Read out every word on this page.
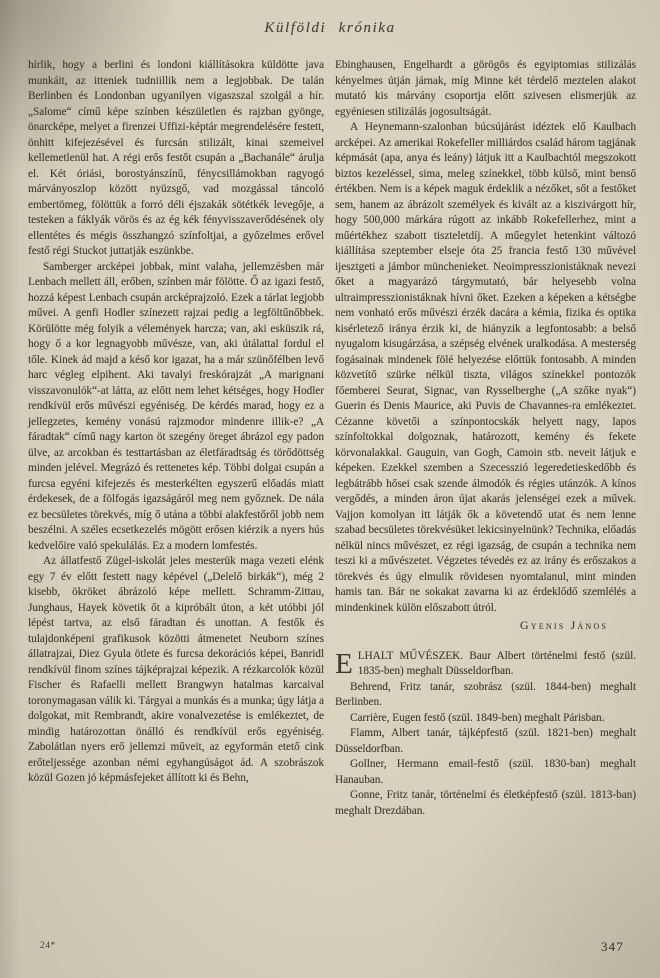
Külföldi krónika

hírlik, hogy a berlini és londoni kiállításokra küldötte java munkáit, az itteniek tudniillik nem a legjobbak. De talán Berlinben és Londonban ugyanilyen vigaszszal szolgál a hír. „Salome“ című képe színben készületlen és rajzban gyönge, önarcképe, melyet a firenzei Uffizi-képtár megrendelésére festett, önhitt kifejezésével és furcsán stilizált, kinai szemeivel kellemetlenül hat. A régi erős festőt csupán a „Bachanále“ árulja el. Két óriási, borostyánszínű, fénycsillámokban ragyogó márványoszlop között nyüzsgő, vad mozgással táncoló embertömeg, fölöttük a forró déli éjszakák sötétkék levegője, a testeken a fáklyák vörös és az ég kék fényvisszaverődésének oly ellentétes és mégis összhangzó színfoltjai, a győzelmes erővel festő régi Stuckot juttatják eszünkbe.

Samberger arcképei jobbak, mint valaha, jellemzésben már Lenbach mellett áll, erőben, színben már fölötte. Ő az igazi festő, hozzá képest Lenbach csupán arcképrajzoló. Ezek a tárlat legjobb művei. A genfi Hodler színezett rajzai pedig a legföltűnőbbek. Körülötte még folyik a vélemények harcza; van, aki esküszik rá, hogy ő a kor legnagyobb művésze, van, aki útálattal fordul el tőle. Kinek ád majd a késő kor igazat, ha a már szünőfélben levő harc végleg elpihent. Aki tavalyi freskórajzát „A marignani visszavonulók“-at látta, az előtt nem lehet kétséges, hogy Hodler rendkívül erős művészi egyéniség. De kérdés marad, hogy ez a jellegzetes, kemény vonású rajzmodor mindenre illik-e? „A fáradtak“ című nagy karton öt szegény öreget ábrázol egy padon ülve, az arcokban és testtartásban az életfáradtság és törődöttség minden jelével. Megrázó és rettenetes kép. Többi dolgai csupán a furcsa egyéni kifejezés és mesterkélten egyszerű előadás miatt érdekesek, de a fölfogás igazságáról meg nem győznek. De nála ez becsületes törekvés, míg ő utána a többi alakfestőről jobb nem beszélni. A széles ecsetkezelés mögött erősen kiérzik a nyers hús kedvelőire való spekulálás. Ez a modern lomfestés.

Az állatfestő Zügel-iskolát jeles mesterük maga vezeti elénk egy 7 év előtt festett nagy képével („Delelő birkák“), még 2 kisebb, ökröket ábrázoló képe mellett. Schramm-Zittau, Junghaus, Hayek követik őt a kipróbált úton, a két utóbbi jól lépést tartva, az első fáradtan és unottan. A festők és tulajdonképeni grafikusok közötti átmenetet Neuborn színes állatrajzai, Diez Gyula ötlete és furcsa dekorációs képei, Banridl rendkívül finom színes tájképrajzai képezik. A rézkarcolók közül Fischer és Rafaelli mellett Brangwyn hatalmas karcaival toronymagasan válik ki. Tárgyai a munkás és a munka; úgy látja a dolgokat, mit Rembrandt, akire vonalvezetése is emlékeztet, de mindig határozottan önálló és rendkívül erős egyéniség. Zabolátlan nyers erő jellemzi műveit, az egyformán etető cink erőteljessége azonban némi egyhangúságot ád. A szobrászok közül Gozen jó képmásfejeket állított ki és Behn,

Ebinghausen, Engelhardt a görögös és egyiptomias stilizálás kényelmes útján járnak, míg Minne két térdelő meztelen alakot mutató kis márvány csoportja előtt szivesen elismerjük az egyéniesen stilizálás jogosultságát.

A Heynemann-szalonban búcsújárást idéztek elő Kaulbach arcképei. Az amerikai Rokefeller milliárdos család három tagjának képmását (apa, anya és leány) látjuk itt a Kaulbachtól megszokott biztos kezeléssel, sima, meleg színekkel, több külső, mint benső értékben. Nem is a képek maguk érdeklik a nézőket, sőt a festőket sem, hanem az ábrázolt személyek és kivált az a kiszivárgott hír, hogy 500,000 márkára rúgott az inkább Rokefellerhez, mint a műértékhez szabott tiszteletdíj. A műegylet hetenkint változó kiállítása szeptember elseje óta 25 francia festő 130 művével ijesztgeti a jámbor münchenieket. Neoimpresszionistáknak nevezi őket a magyarázó tárgymutató, bár helyesebb volna ultraimpresszionistáknak hívni őket. Ezeken a képeken a kétségbe nem vonható erős művészi érzék dacára a kémia, fizika és optika kisérletező iránya érzik ki, de hiányzik a legfontosabb: a belső nyugalom kisugárzása, a szépség elvének uralkodása. A mesterség fogásainak mindenek fölé helyezése előttük fontosabb. A minden közvetítő szürke nélkül tiszta, világos színekkel pontozók főemberei Seurat, Signac, van Rysselberghe („A szőke nyak“) Guerin és Denis Maurice, aki Puvis de Chavannes-ra emlékeztet. Cézanne követői a színpontocskák helyett nagy, lapos színfoltokkal dolgoznak, határozott, kemény és fekete körvonalakkal. Gauguin, van Gogh, Camoin stb. neveit látjuk e képeken. Ezekkel szemben a Szecesszió legeredetieskedőbb és legbátrább hősei csak szende álmodók és régies utánzók. A kínos vergődés, a minden áron újat akarás jelenségei ezek a művek. Vajjon komolyan itt látják ők a követendő utat és nem lenne szabad becsületes törekvésüket lekicsinyelnünk? Technika, előadás nélkül nincs művészet, ez régi igazság, de csupán a technika nem teszi ki a művészetet. Végzetes tévedés ez az irány és erőszakos a törekvés és úgy elmulik rövidesen nyomtalanul, mint minden hamis tan. Bár ne sokakat zavarna ki az érdeklődő szemlélés a mindenkinek külön előszabott útról.

Gyenis János

ELHALT MŰVÉSZEK. Baur Albert történelmi festő (szül. 1835-ben) meghalt Düsseldorfban.

Behrend, Fritz tanár, szobrász (szül. 1844-ben) meghalt Berlinben.

Carrière, Eugen festő (szül. 1849-ben) meghalt Párisban.

Flamm, Albert tanár, tájképfestő (szül. 1821-ben) meghalt Düsseldorfban.

Gollner, Hermann email-festő (szül. 1830-ban) meghalt Hanauban.

Gonne, Fritz tanár, történelmi és életképfestő (szül. 1813-ban) meghalt Drezdában.

24*	347
